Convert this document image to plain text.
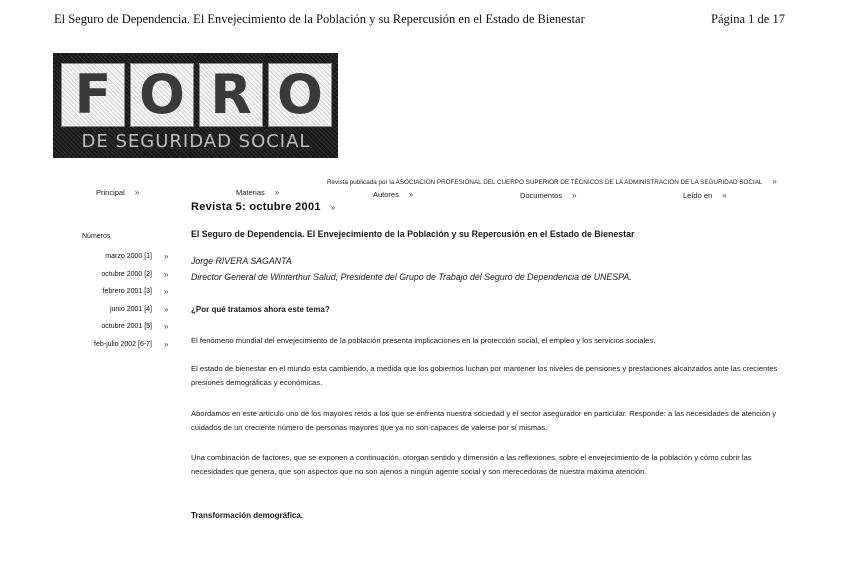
El Seguro de Dependencia. El Envejecimiento de la Población y su Repercusión en el Estado de Bienestar	Página 1 de 17
F O R O
DE SEGURIDAD SOCIAL
Revista publicada por la ASOCIACIÓN PROFESIONAL DEL CUERPO SUPERIOR DE TÉCNICOS DE LA ADMINISTRACIÓN DE LA SEGURIDAD SOCIAL »
Principal »	Materias »	Autores »	Documentos »	Leído en »
Revista 5: octubre 2001 »
Números
marzo 2000 [1] »
octubre 2000 [2] »
febrero 2001 [3] »
junio 2001 [4] »
octubre 2001 [5] »
feb-julio 2002 [6-7] »
El Seguro de Dependencia. El Envejecimiento de la Población y su Repercusión en el Estado de Bienestar
Jorge RIVERA SAGANTA
Director General de Winterthur Salud, Presidente del Grupo de Trabajo del Seguro de Dependencia de UNESPA.
¿Por qué tratamos ahora este tema?
El fenómeno mundial del envejecimiento de la población presenta implicaciones en la protección social, el empleo y los servicios sociales.
El estado de bienestar en el mundo esta cambiendo, a medida que los gobiernos luchan por mantener los niveles de pensiones y prestaciones alcanzados ante las crecientes presiones demográficas y económicas.
Abordamos en este artículo uno de los mayores retos a los que se enfrenta nuestra sociedad y el sector asegurador en particular. Responde: a las necesidades de atención y cuidados de un creciente número de personas mayores que ya no son capaces de valerse por sí mismas.
Una combinación de factores, que se exponen a continuación, otorgan sentido y dimensión a las reflexiones, sobre el envejecimiento de la población y cómo cubrir las necesidades que genera, que son aspectos que no son ajenos a ningún agente social y son merecedoras de nuestra máxima atención.
Transformación demográfica.
